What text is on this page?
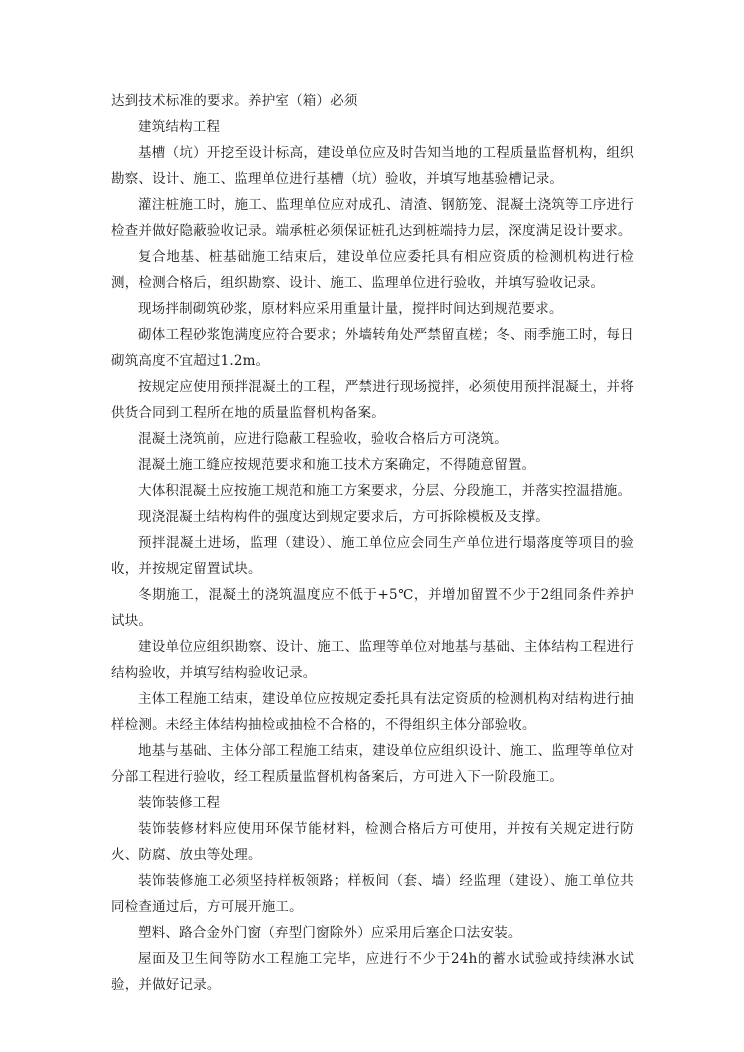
达到技术标准的要求。养护室（箱）必须

建筑结构工程

基槽（坑）开挖至设计标高，建设单位应及时告知当地的工程质量监督机构，组织勘察、设计、施工、监理单位进行基槽（坑）验收，并填写地基验槽记录。

灌注桩施工时，施工、监理单位应对成孔、清渣、钢筋笼、混凝土浇筑等工序进行检查并做好隐蔽验收记录。端承桩必须保证桩孔达到桩端持力层，深度满足设计要求。

复合地基、桩基础施工结束后，建设单位应委托具有相应资质的检测机构进行检测，检测合格后，组织勘察、设计、施工、监理单位进行验收，并填写验收记录。

现场拌制砌筑砂浆，原材料应采用重量计量，搅拌时间达到规范要求。

砌体工程砂浆饱满度应符合要求；外墙转角处严禁留直槎；冬、雨季施工时，每日砌筑高度不宜超过1.2m。

按规定应使用预拌混凝土的工程，严禁进行现场搅拌，必须使用预拌混凝土，并将供货合同到工程所在地的质量监督机构备案。

混凝土浇筑前，应进行隐蔽工程验收，验收合格后方可浇筑。

混凝土施工缝应按规范要求和施工技术方案确定，不得随意留置。

大体积混凝土应按施工规范和施工方案要求，分层、分段施工，并落实控温措施。

现浇混凝土结构构件的强度达到规定要求后，方可拆除模板及支撑。

预拌混凝土进场，监理（建设）、施工单位应会同生产单位进行塌落度等项目的验收，并按规定留置试块。

冬期施工，混凝土的浇筑温度应不低于+5℃，并增加留置不少于2组同条件养护试块。

建设单位应组织勘察、设计、施工、监理等单位对地基与基础、主体结构工程进行结构验收，并填写结构验收记录。

主体工程施工结束，建设单位应按规定委托具有法定资质的检测机构对结构进行抽样检测。未经主体结构抽检或抽检不合格的，不得组织主体分部验收。

地基与基础、主体分部工程施工结束，建设单位应组织设计、施工、监理等单位对分部工程进行验收，经工程质量监督机构备案后，方可进入下一阶段施工。

装饰装修工程

装饰装修材料应使用环保节能材料，检测合格后方可使用，并按有关规定进行防火、防腐、放虫等处理。

装饰装修施工必须坚持样板领路；样板间（套、墙）经监理（建设）、施工单位共同检查通过后，方可展开施工。

塑料、路合金外门窗（弃型门窗除外）应采用后塞企口法安装。

屋面及卫生间等防水工程施工完毕，应进行不少于24h的蓄水试验或持续淋水试验，并做好记录。
